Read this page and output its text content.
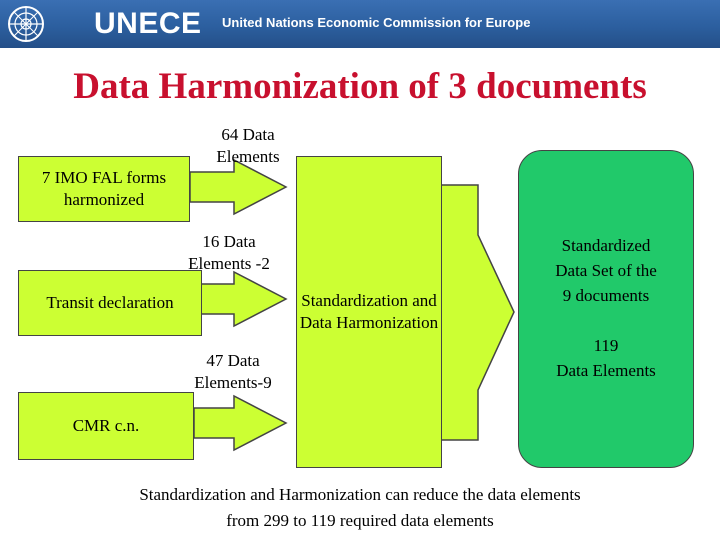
UNECE United Nations Economic Commission for Europe
Data Harmonization of 3 documents
7 IMO FAL forms harmonized
Transit declaration
CMR c.n.
64 Data Elements
16 Data Elements -2
47 Data Elements-9
Standardization and Data Harmonization
Standardized
Data Set of the
9 documents
119
Data Elements
Standardization and Harmonization can reduce the data elements
from 299 to 119 required data elements
